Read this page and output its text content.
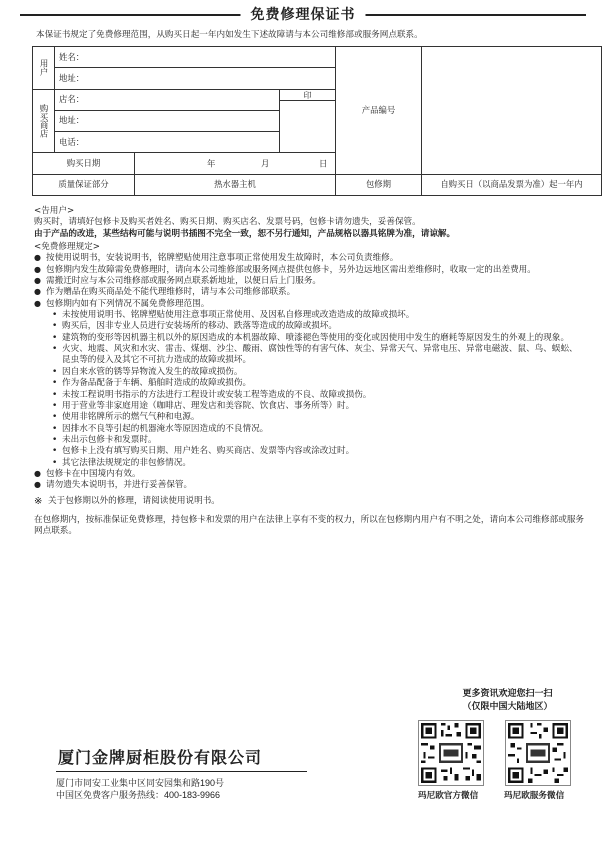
免费修理保证书
本保证书规定了免费修理范围，从购买日起一年内如发生下述故障请与本公司维修部或服务网点联系。
用户	姓名：			产品编号	
	地址：				
购买商店	店名：		印		

	地址：				
	电话：				
购买日期		年 月 日			

质量保证部分		热水器主机		包修期	自购买日（以商品发票为准）起一年内

<告用户>

购买时，请填好包修卡及购买者姓名、购买日期、购买店名、发票号码，包修卡请勿遗失，妥善保管。

由于产品的改进，某些结构可能与说明书插图不完全一致，恕不另行通知，产品规格以器具铭牌为准，请谅解。

<免费修理规定>

● 按使用说明书，安装说明书，铭牌塑贴使用注意事项正常使用发生故障时，本公司负责维修。
● 包修期内发生故障需免费修理时，请向本公司维修部或服务网点提供包修卡，另外边远地区需出差维修时，收取一定的出差费用。
● 需搬迁时应与本公司维修部或服务网点联系新地址，以便日后上门服务。
● 作为赠品在购买商品处不能代理维修时，请与本公司维修部联系。
● 包修期内如有下列情况不属免费修理范围。
• 未按使用说明书、铭牌塑贴使用注意事项正常使用、及因私自修理或改造造成的故障或损坏。
• 购买后，因非专业人员进行安装场所的移动、跌落等造成的故障或损坏。
• 建筑物的变形等因机器主机以外的原因造成的本机器故障、喷漆褪色等使用的变化或因使用中发生的磨耗等原因发生的外观上的现象。
• 火灾、地震、风灾和水灾、雷击、煤烟、沙尘、酸雨、腐蚀性等的有害气体、灰尘、异常天气、异常电压、异常电磁波、鼠、鸟、蜈蚣、昆虫等的侵入及其它不可抗力造成的故障或损坏。
• 因自来水管的锈等异物流入发生的故障或损伤。
• 作为备品配备于车辆、船舶时造成的故障或损伤。
• 未按工程说明书指示的方法进行工程设计或安装工程等造成的不良、故障或损伤。
• 用于营业等非家庭用途（咖啡店、理发店和美容院、饮食店、事务所等）时。
• 使用非铭牌所示的燃气气种和电源。
• 因排水不良等引起的机器淹水等原因造成的不良情况。
• 未出示包修卡和发票时。
• 包修卡上没有填写购买日期、用户姓名、购买商店、发票等内容或涂改过时。
• 其它法律法规规定的非包修情况。
● 包修卡在中国境内有效。
● 请勿遗失本说明书，并进行妥善保管。

※ 关于包修期以外的修理，请阅读使用说明书。

在包修期内，按标准保证免费修理，持包修卡和发票的用户在法律上享有不变的权力，所以在包修期内用户有不明之处，请向本公司维修部或服务网点联系。

更多资讯欢迎您扫一扫
（仅限中国大陆地区）
玛尼欧官方微信	玛尼欧服务微信
厦门金牌厨柜股份有限公司
厦门市同安工业集中区同安园集和路190号
中国区免费客户服务热线：400-183-9966
